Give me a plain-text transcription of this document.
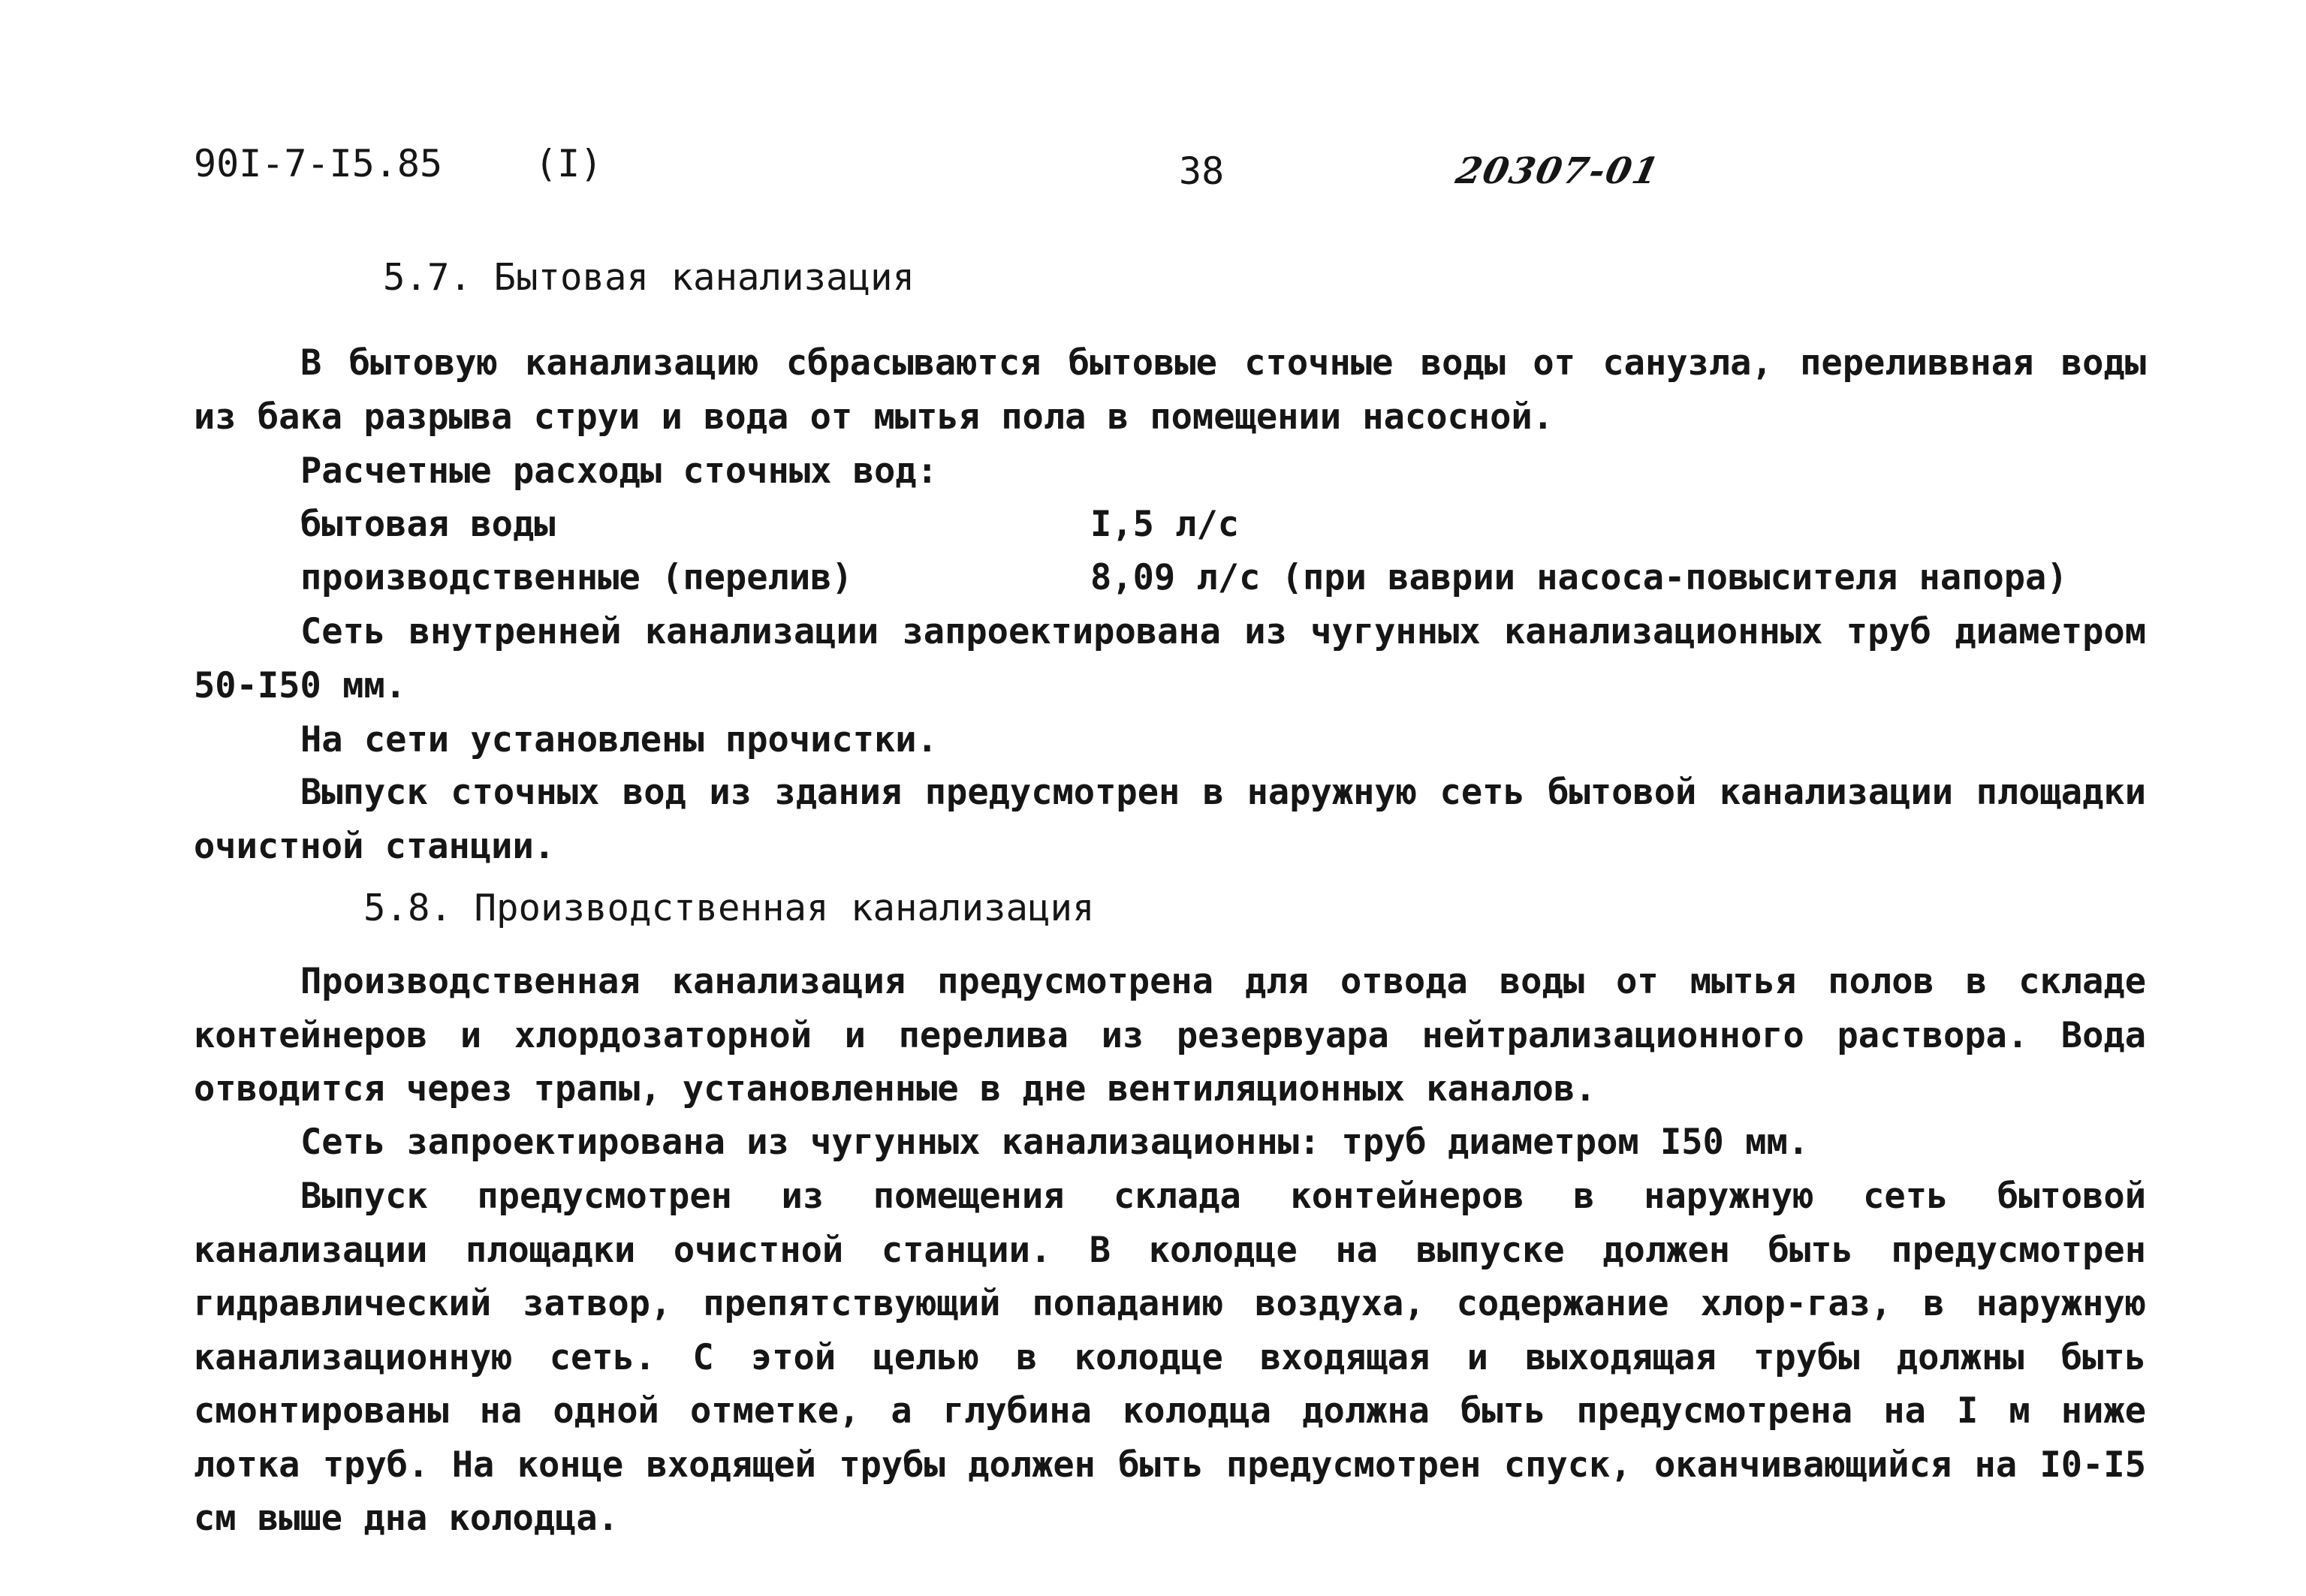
90I-7-I5.85 (I)	38	20307-01
5.7. Бытовая канализация

В бытовую канализацию сбрасываются бытовые сточные воды от санузла, переливвная воды из бака разрыва струи и вода от мытья пола в помещении насосной.

Расчетные расходы сточных вод:

бытовая воды	I,5 л/с
производственные (перелив)	8,09 л/с (при ваврии насоса-повысителя напора)

Сеть внутренней канализации запроектирована из чугунных канализационных труб диаметром 50-I50 мм.

На сети установлены прочистки.

Выпуск сточных вод из здания предусмотрен в наружную сеть бытовой канализации площадки очистной станции.

5.8. Производственная канализация

Производственная канализация предусмотрена для отвода воды от мытья полов в складе контейнеров и хлордозаторной и перелива из резервуара нейтрализационного раствора. Вода отводится через трапы, установленные в дне вентиляционных каналов.

Сеть запроектирована из чугунных канализационны: труб диаметром I50 мм.

Выпуск предусмотрен из помещения склада контейнеров в наружную сеть бытовой канализации площадки очистной станции. В колодце на выпуске должен быть предусмотрен гидравлический затвор, препятствующий попаданию воздуха, содержание хлор-газ, в наружную канализационную сеть. С этой целью в колодце входящая и выходящая трубы должны быть смонтированы на одной отметке, а глубина колодца должна быть предусмотрена на I м ниже лотка труб. На конце входящей трубы должен быть предусмотрен спуск, оканчивающийся на I0-I5 см выше дна колодца.
